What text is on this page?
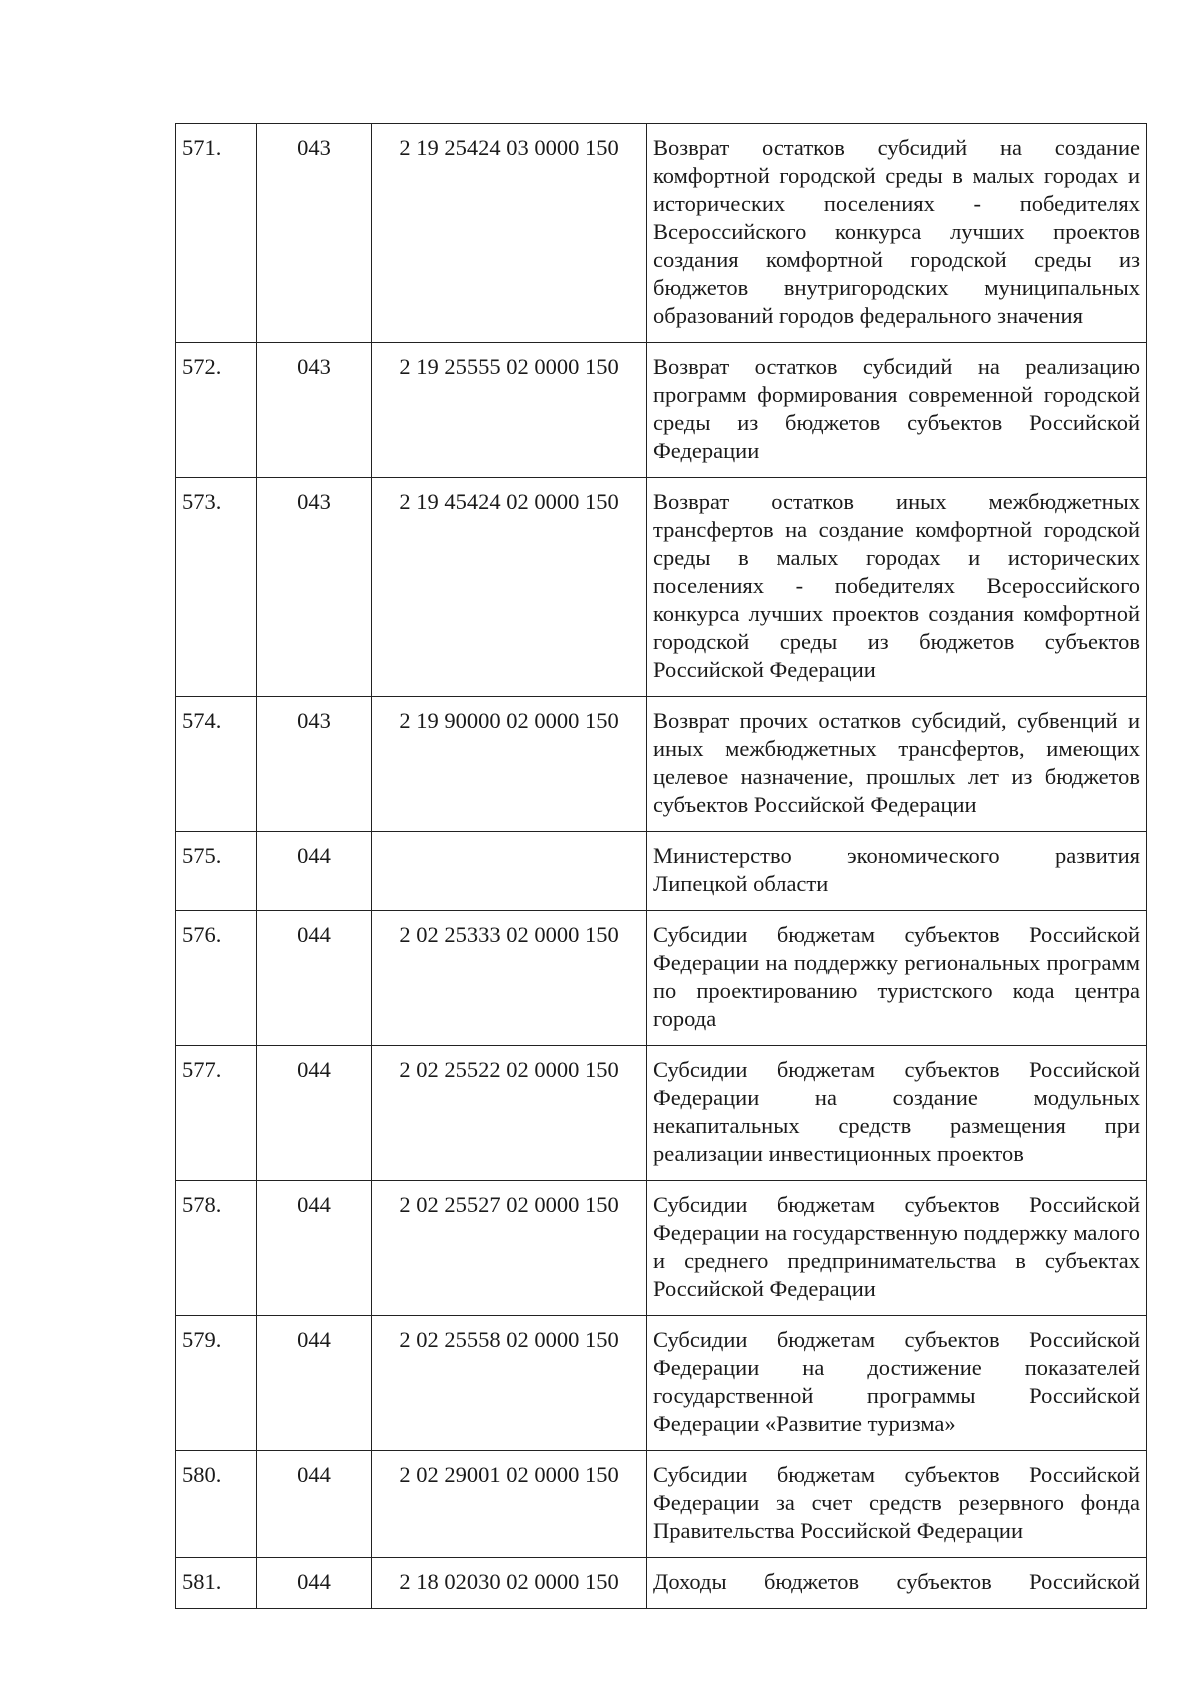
571.	043	2 19 25424 03 0000 150	Возврат остатков субсидий на создание комфортной городской среды в малых городах и исторических поселениях - победителях Всероссийского конкурса лучших проектов создания комфортной городской среды из бюджетов внутригородских муниципальных образований городов федерального значения
572.	043	2 19 25555 02 0000 150	Возврат остатков субсидий на реализацию программ формирования современной городской среды из бюджетов субъектов Российской Федерации
573.	043	2 19 45424 02 0000 150	Возврат остатков иных межбюджетных трансфертов на создание комфортной городской среды в малых городах и исторических поселениях - победителях Всероссийского конкурса лучших проектов создания комфортной городской среды из бюджетов субъектов Российской Федерации
574.	043	2 19 90000 02 0000 150	Возврат прочих остатков субсидий, субвенций и иных межбюджетных трансфертов, имеющих целевое назначение, прошлых лет из бюджетов субъектов Российской Федерации
575.	044		Министерство экономического развития Липецкой области
576.	044	2 02 25333 02 0000 150	Субсидии бюджетам субъектов Российской Федерации на поддержку региональных программ по проектированию туристского кода центра города
577.	044	2 02 25522 02 0000 150	Субсидии бюджетам субъектов Российской Федерации на создание модульных некапитальных средств размещения при реализации инвестиционных проектов
578.	044	2 02 25527 02 0000 150	Субсидии бюджетам субъектов Российской Федерации на государственную поддержку малого и среднего предпринимательства в субъектах Российской Федерации
579.	044	2 02 25558 02 0000 150	Субсидии бюджетам субъектов Российской Федерации на достижение показателей государственной программы Российской Федерации «Развитие туризма»
580.	044	2 02 29001 02 0000 150	Субсидии бюджетам субъектов Российской Федерации за счет средств резервного фонда Правительства Российской Федерации
581.	044	2 18 02030 02 0000 150	Доходы бюджетов субъектов Российской
